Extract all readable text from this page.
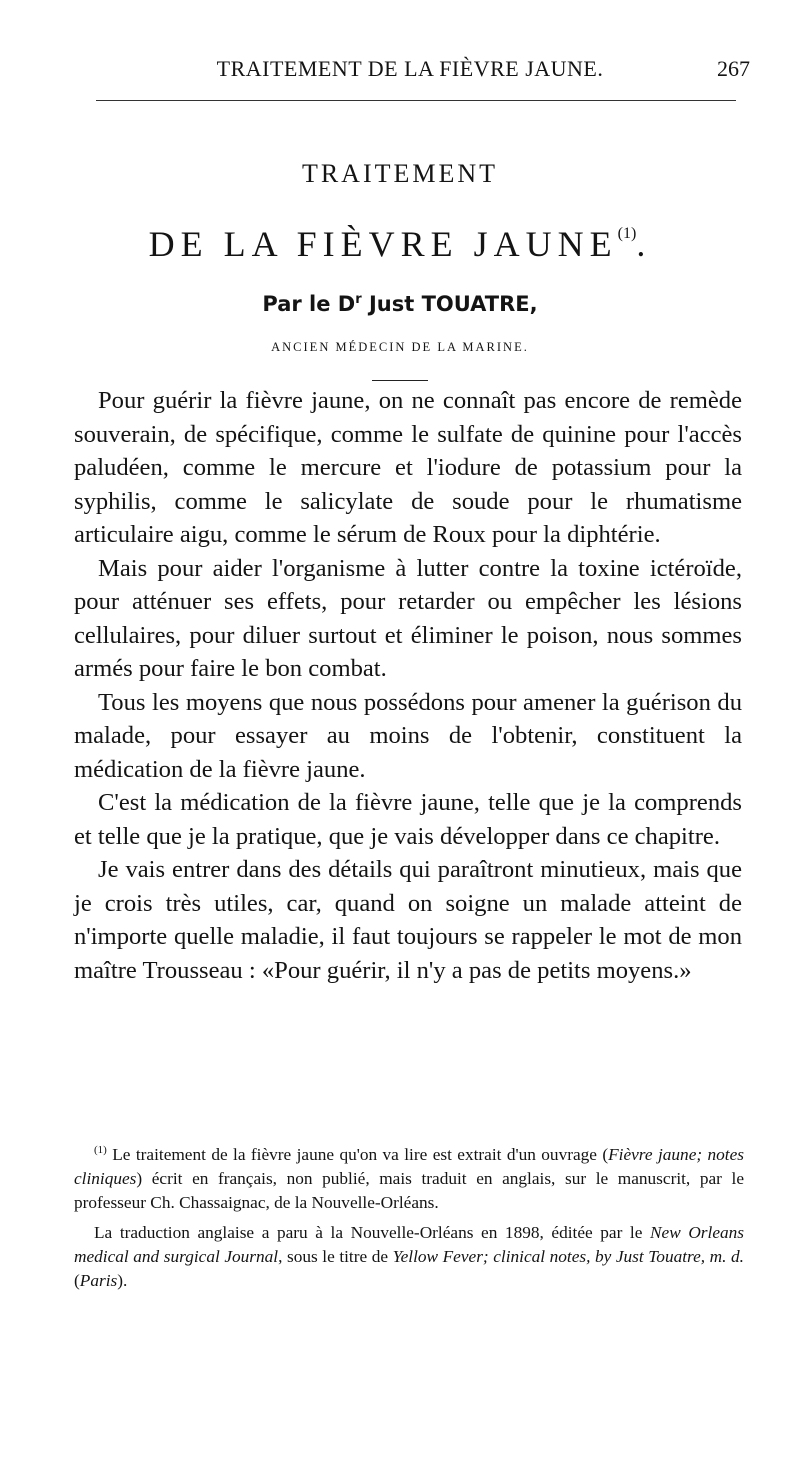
TRAITEMENT DE LA FIÈVRE JAUNE.	267
TRAITEMENT
DE LA FIÈVRE JAUNE$^{(1)}$.
Par le $D^r$ Just TOUATRE,
ANCIEN MÉDECIN DE LA MARINE.

Pour guérir la fièvre jaune, on ne connaît pas encore de remède souverain, de spécifique, comme le sulfate de quinine pour l'accès paludéen, comme le mercure et l'iodure de potassium pour la syphilis, comme le salicylate de soude pour le rhumatisme articulaire aigu, comme le sérum de Roux pour la diphtérie.

Mais pour aider l'organisme à lutter contre la toxine ictéroïde, pour atténuer ses effets, pour retarder ou empêcher les lésions cellulaires, pour diluer surtout et éliminer le poison, nous sommes armés pour faire le bon combat.

Tous les moyens que nous possédons pour amener la guérison du malade, pour essayer au moins de l'obtenir, constituent la médication de la fièvre jaune.

C'est la médication de la fièvre jaune, telle que je la comprends et telle que je la pratique, que je vais développer dans ce chapitre.

Je vais entrer dans des détails qui paraîtront minutieux, mais que je crois très utiles, car, quand on soigne un malade atteint de n'importe quelle maladie, il faut toujours se rappeler le mot de mon maître Trousseau : «Pour guérir, il n'y a pas de petits moyens.»

$^{(1)}$ Le traitement de la fièvre jaune qu'on va lire est extrait d'un ouvrage (Fièvre jaune; notes cliniques) écrit en français, non publié, mais traduit en anglais, sur le manuscrit, par le professeur Ch. Chassaignac, de la Nouvelle-Orléans.

La traduction anglaise a paru à la Nouvelle-Orléans en 1898, éditée par le New Orleans medical and surgical Journal, sous le titre de Yellow Fever; clinical notes, by Just Touatre, m. d. (Paris).
